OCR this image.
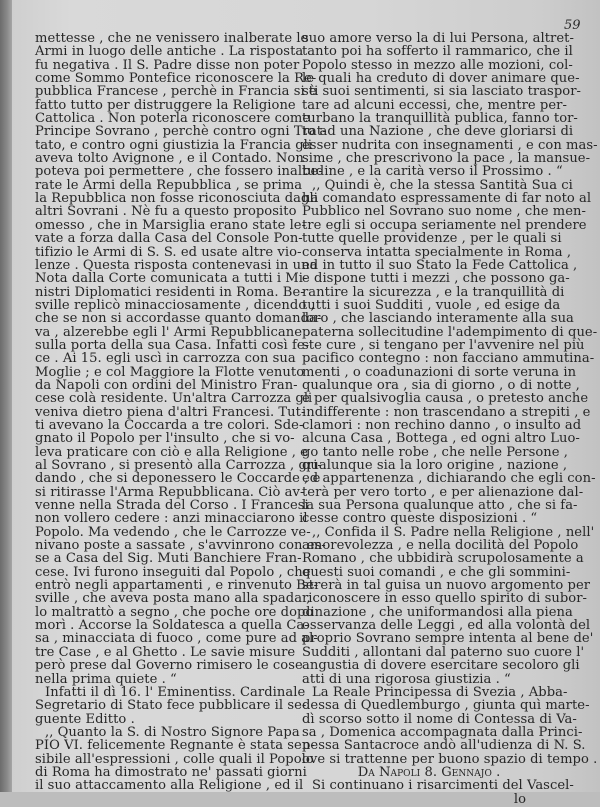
59
mettesse , che ne venissero inalberate le
Armi in luogo delle antiche . La risposta
fu negativa . Il S. Padre disse non poter
come Sommo Pontefice riconoscere la Re-
pubblica Francese , perchè in Francia si è
fatto tutto per distruggere la Religione
Cattolica . Non poterla riconoscere come
Principe Sovrano , perchè contro ogni Trat-
tato, e contro ogni giustizia la Francia gli
aveva tolto Avignone , e il Contado. Non
poteva poi permettere , che fossero inalbe-
rate le Armi della Repubblica , se prima
la Repubblica non fosse riconosciuta dagli
altri Sovrani . Nè fu a questo proposito
omesso , che in Marsiglia erano state le-
vate a forza dalla Casa del Console Pon-
tifizio le Armi di S. S. ed usate altre vio-
lenze . Questa risposta contenevasi in una
Nota dalla Corte comunicata a tutti i Mi-
nistri Diplomatici residenti in Roma. Be-
sville replicò minacciosamente , dicendo ,
che se non si accordasse quanto domanda-
va , alzerebbe egli l' Armi Repubblicane
sulla porta della sua Casa. Infatti così fe-
ce . Ai 15. egli uscì in carrozza con sua
Moglie ; e col Maggiore la Flotte venuto
da Napoli con ordini del Ministro Fran-
cese colà residente. Un'altra Carrozza gli
veniva dietro piena d'altri Francesi. Tut-
ti avevano la Coccarda a tre colori. Sde-
gnato il Popolo per l'insulto , che si vo-
leva praticare con ciò e alla Religione , e
al Sovrano , si presentò alla Carrozza , gri-
dando , che si deponessero le Coccarde , e
si ritirasse l'Arma Repubblicana. Ciò av-
venne nella Strada del Corso . I Francesi
non vollero cedere : anzi minacciarono il
Popolo. Ma vedendo , che le Carrozze ve-
nivano poste a sassate , s'avvinrono con es-
se a Casa del Sig. Muti Banchiere Fran-
cese. Ivi furono inseguiti dal Popolo , che
entrò negli appartamenti , e rinvenuto Be-
sville , che aveva posta mano alla spada ,
lo maltrattò a segno , che poche ore dopo
morì . Accorse la Soldatesca a quella Ca-
sa , minacciata di fuoco , come pure ad al-
tre Case , e al Ghetto . Le savie misure
però prese dal Governo rimisero le cose
nella prima quiete . “
Infatti il dì 16. l' Eminentiss. Cardinale
Segretario di Stato fece pubblicare il se-
guente Editto .
,, Quanto la S. di Nostro Signore Papa
PIO VI. felicemente Regnante è stata sen-
sibile all'espressioni , colle quali il Popolo
di Roma ha dimostrato ne' passati giorni
il suo attaccamento alla Religione , ed il
suo amore verso la di lui Persona, altret-
tanto poi ha sofferto il rammarico, che il
Popolo stesso in mezzo alle mozioni, col-
le quali ha creduto di dover animare que-
sti suoi sentimenti, si sia lasciato traspor-
tare ad alcuni eccessi, che, mentre per-
turbano la tranquillità publica, fanno tor-
to ad una Nazione , che deve gloriarsi di
esser nudrita con insegnamenti , e con mas-
sime , che prescrivono la pace , la mansue-
tudine , e la carità verso il Prossimo . “
,, Quindi è, che la stessa Santità Sua ci
ha comandato espressamente di far noto al
Pubblico nel Sovrano suo nome , che men-
tre egli si occupa seriamente nel prendere
tutte quelle providenze , per le quali si
conserva intatta specialmente in Roma ,
ed in tutto il suo Stato la Fede Cattolica ,
e dispone tutti i mezzi , che possono ga-
rantire la sicurezza , e la tranquillità di
tutti i suoi Sudditi , vuole , ed esige da
loro , che lasciando interamente alla sua
paterna sollecitudine l'adempimento di que-
ste cure , si tengano per l'avvenire nel più
pacifico contegno : non facciano ammutina-
menti , o coadunazioni di sorte veruna in
qualunque ora , sia di giorno , o di notte ,
e per qualsivoglia causa , o pretesto anche
indifferente : non trascendano a strepiti , e
clamori : non rechino danno , o insulto ad
alcuna Casa , Bottega , ed ogni altro Luo-
go tanto nelle robe , che nelle Persone ,
qualunque sia la loro origine , nazione ,
ed appartenenza , dichiarando che egli con-
terà per vero torto , e per alienazione dal-
la sua Persona qualunque atto , che si fa-
cesse contro queste disposizioni . “
,, Confida il S. Padre nella Religione , nell'
amorevolezza , e nella docilità del Popolo
Romano , che ubbidirà scrupolosamente a
questi suoi comandi , e che gli sommini-
strerà in tal guisa un nuovo argomento per
riconoscere in esso quello spirito di subor-
dinazione , che uniformandosi alla piena
osservanza delle Leggi , ed alla volontà del
proprio Sovrano sempre intenta al bene de'
Sudditi , allontani dal paterno suo cuore l'
angustia di dovere esercitare secoloro gli
atti di una rigorosa giustizia . “
La Reale Principessa di Svezia , Abba-
dessa di Quedlemburgo , giunta quì marte-
dì scorso sotto il nome di Contessa di Va-
sa , Domenica accompagnata dalla Princi-
pessa Santacroce andò all'udienza di N. S.
ove si trattenne per buono spazio di tempo .
Da Napoli 8. Gennajo .
Si continuano i risarcimenti del Vascel-
lo
